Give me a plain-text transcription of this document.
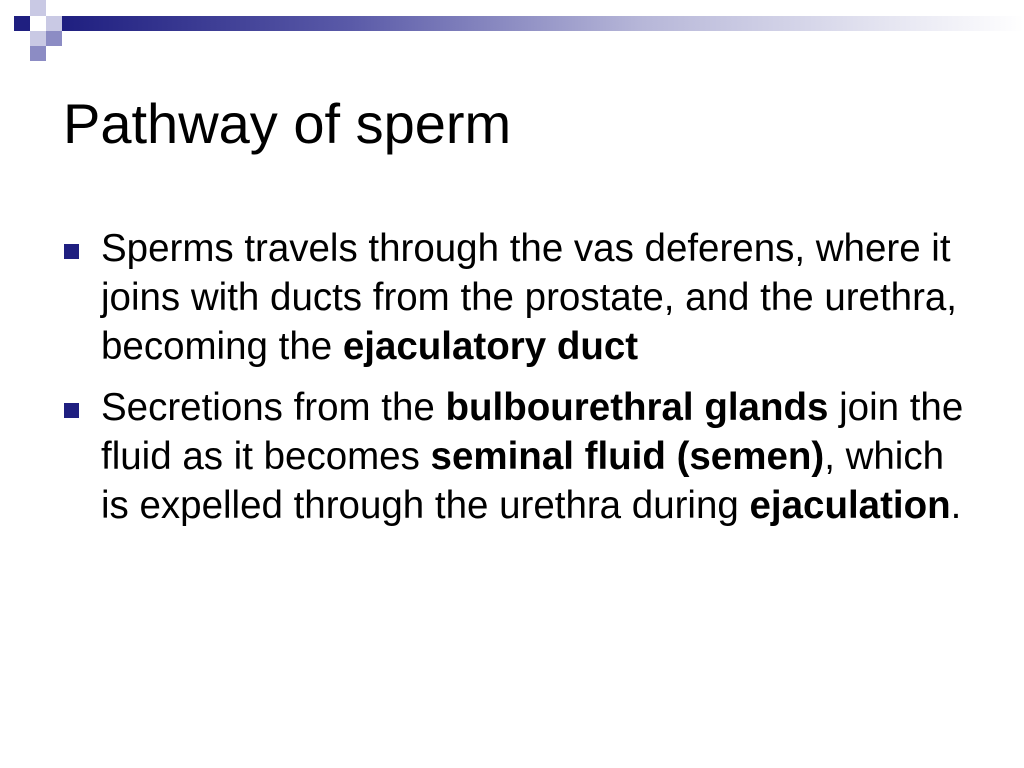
Pathway of sperm
Sperms travels through the vas deferens, where it joins with ducts from the prostate, and the urethra, becoming the ejaculatory duct
Secretions from the bulbourethral glands join the fluid as it becomes seminal fluid (semen), which is expelled through the urethra during ejaculation.
